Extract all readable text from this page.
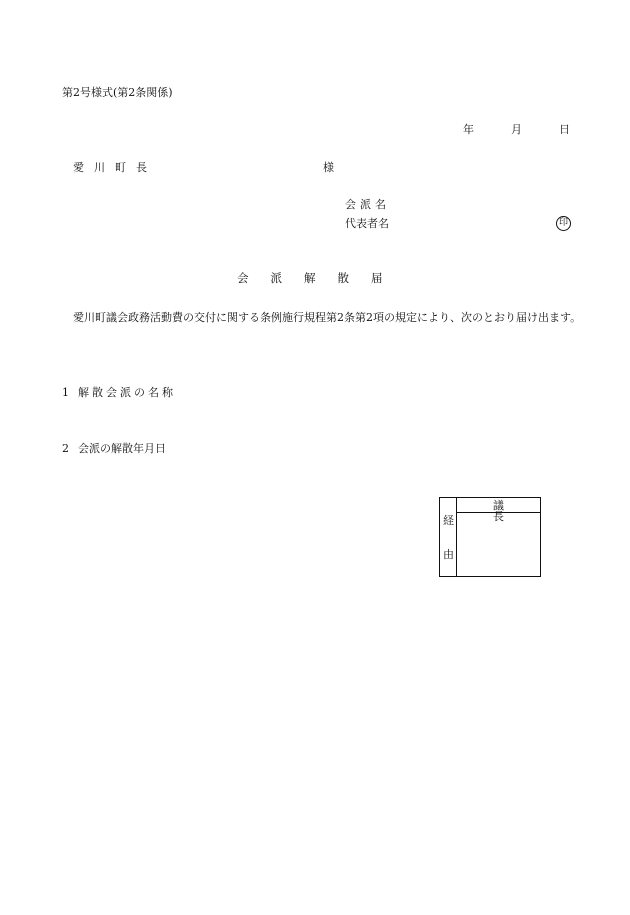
第2号様式(第2条関係)
年	月	日
愛川町長	様
会派名
代表者名	印
会派解散届
愛川町議会政務活動費の交付に関する条例施行規程第2条第2項の規定により、次のとおり届け出ます。
1 解散会派の名称
2 会派の解散年月日
経
由
議長
